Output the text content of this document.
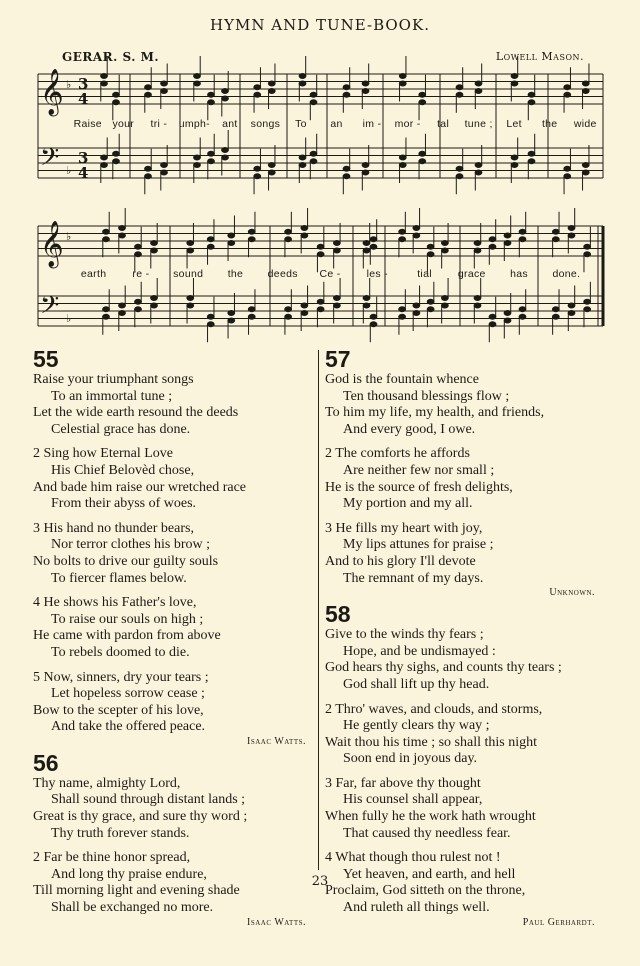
HYMN AND TUNE-BOOK.
GERAR. S. M.	Lowell Mason.
𝄞
𝄢
♭
♭
3
4
3
4
𝄞
𝄢
♭
♭
Raise your tri - umph- ant songs To an im - mor - tal tune ; Let the wide
earth re - sound the deeds Ce - les -	tial grace has done.
55
Raise your triumphant songs
To an immortal tune ;
Let the wide earth resound the deeds
Celestial grace has done.
2 Sing how Eternal Love
His Chief Belovèd chose,
And bade him raise our wretched race
From their abyss of woes.
3 His hand no thunder bears,
Nor terror clothes his brow ;
No bolts to drive our guilty souls
To fiercer flames below.
4 He shows his Father's love,
To raise our souls on high ;
He came with pardon from above
To rebels doomed to die.
5 Now, sinners, dry your tears ;
Let hopeless sorrow cease ;
Bow to the scepter of his love,
And take the offered peace.
Isaac Watts.
56
Thy name, almighty Lord,
Shall sound through distant lands ;
Great is thy grace, and sure thy word ;
Thy truth forever stands.
2 Far be thine honor spread,
And long thy praise endure,
Till morning light and evening shade
Shall be exchanged no more.
Isaac Watts.
57
God is the fountain whence
Ten thousand blessings flow ;
To him my life, my health, and friends,
And every good, I owe.
2 The comforts he affords
Are neither few nor small ;
He is the source of fresh delights,
My portion and my all.
3 He fills my heart with joy,
My lips attunes for praise ;
And to his glory I'll devote
The remnant of my days.
Unknown.
58
Give to the winds thy fears ;
Hope, and be undismayed :
God hears thy sighs, and counts thy tears ;
God shall lift up thy head.
2 Thro' waves, and clouds, and storms,
He gently clears thy way ;
Wait thou his time ; so shall this night
Soon end in joyous day.
3 Far, far above thy thought
His counsel shall appear,
When fully he the work hath wrought
That caused thy needless fear.
4 What though thou rulest not !
Yet heaven, and earth, and hell
Proclaim, God sitteth on the throne,
And ruleth all things well.
Paul Gerhardt.
23
